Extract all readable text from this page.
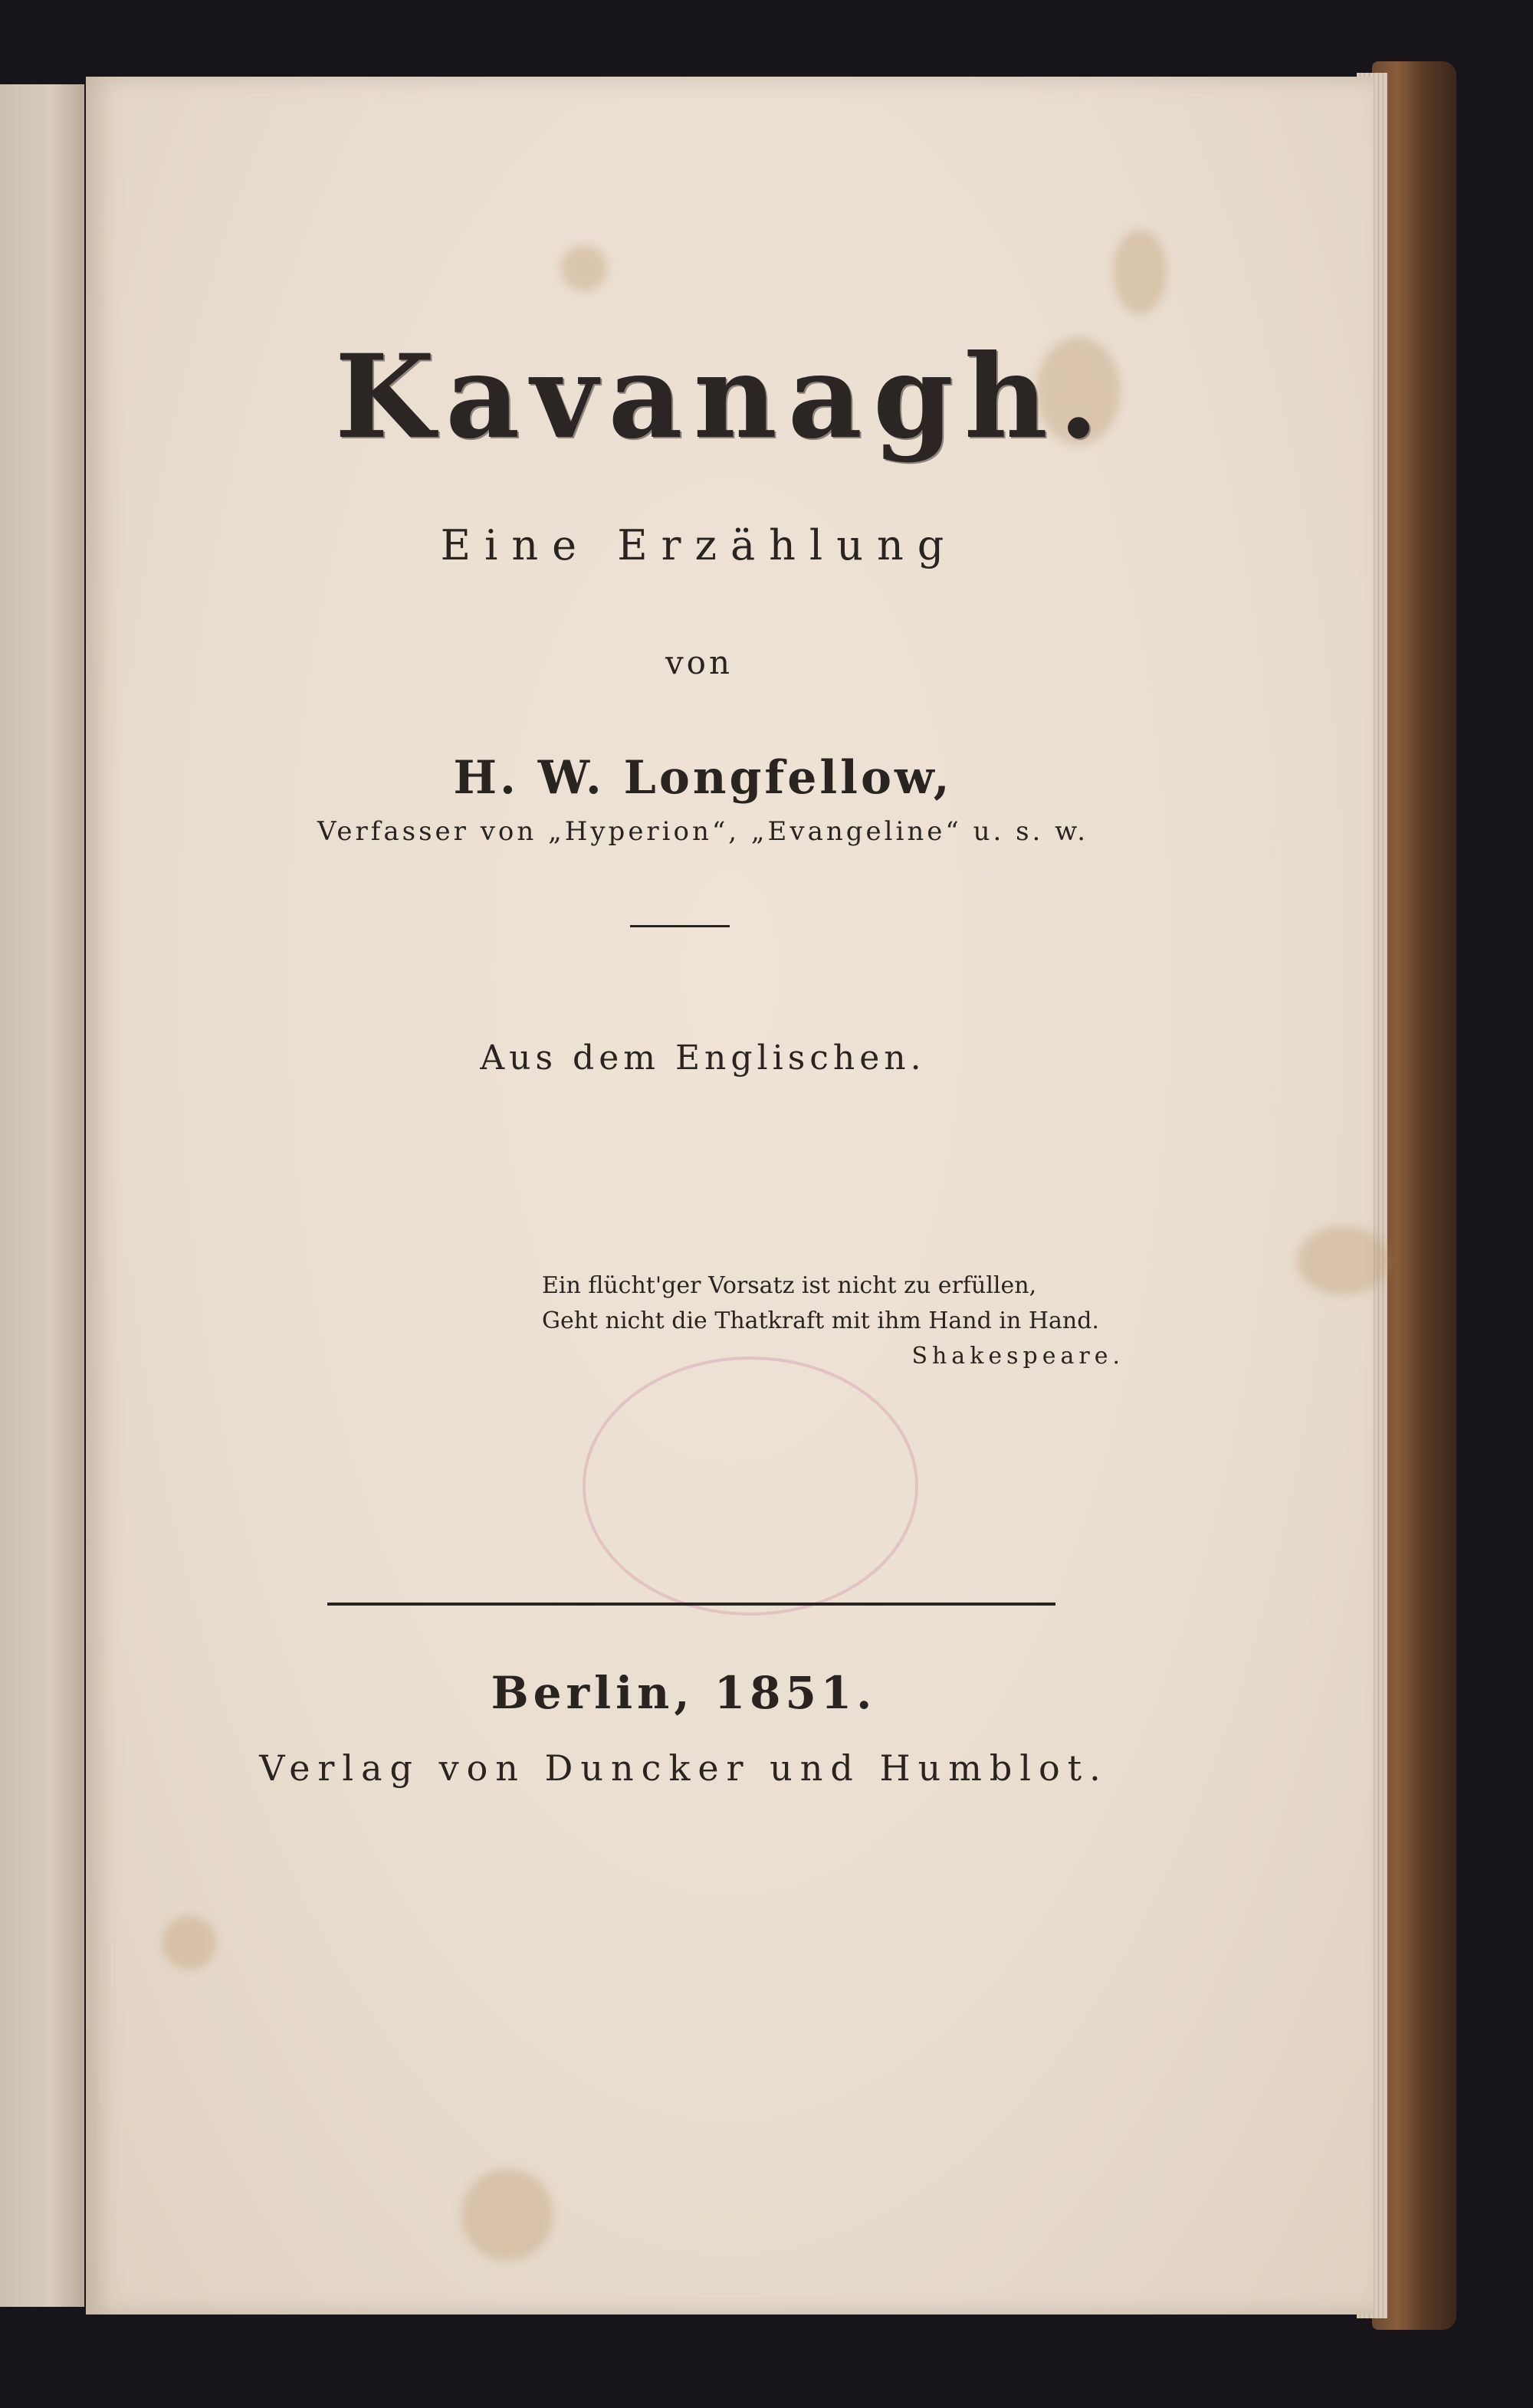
Kavanagh.
Eine Erzählung
von
H. W. Longfellow,
Verfasser von „Hyperion“, „Evangeline“ u. s. w.
Aus dem Englischen.
Ein flücht'ger Vorsatz ist nicht zu erfüllen,
Geht nicht die Thatkraft mit ihm Hand in Hand.
Shakespeare.
Berlin, 1851.
Verlag von Duncker und Humblot.
